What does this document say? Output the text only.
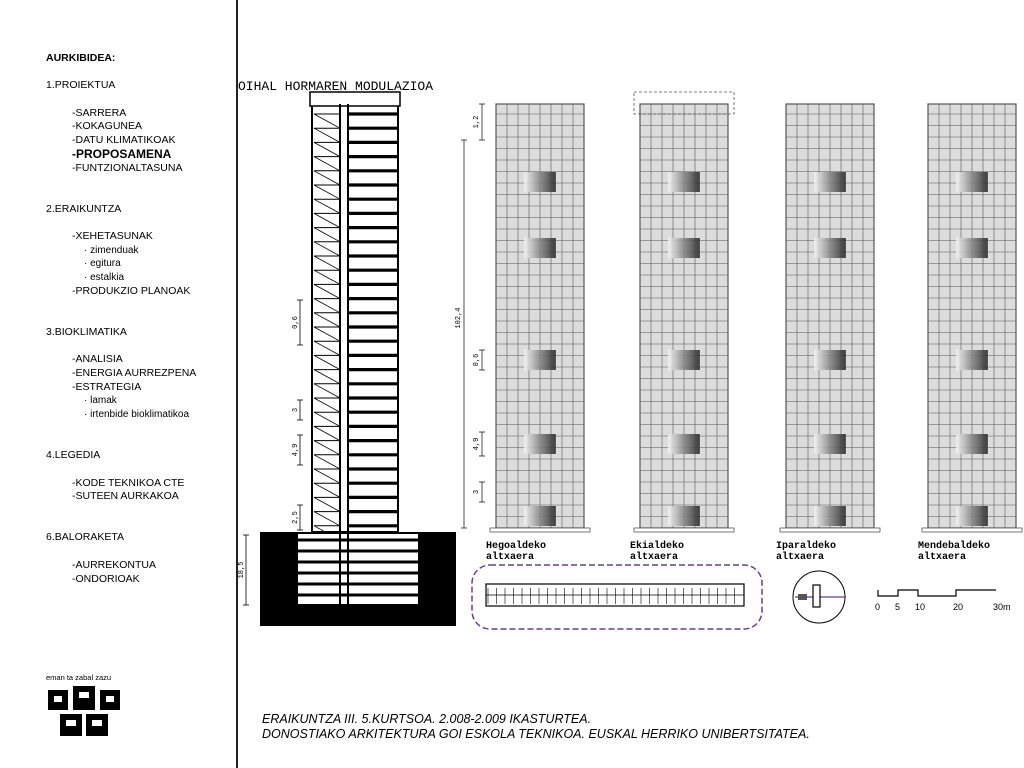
AURKIBIDEA:
1.PROIEKTUA
-SARRERA
-KOKAGUNEA
-DATU KLIMATIKOAK
-PROPOSAMENA
-FUNTZIONALTASUNA
2.ERAIKUNTZA
-XEHETASUNAK
· zimenduak
· egitura
· estalkia
-PRODUKZIO PLANOAK
3.BIOKLIMATIKA
-ANALISIA
-ENERGIA AURREZPENA
-ESTRATEGIA
· lamak
· irtenbide bioklimatikoa
4.LEGEDIA
-KODE TEKNIKOA CTE
-SUTEEN AURKAKOA
6.BALORAKETA
-AURREKONTUA
-ONDORIOAK
eman ta zabal zazu
0,6
3
4,9
2,5
18,5
Hegoaldeko
altxaera
Ekialdeko
altxaera
Iparaldeko
altxaera
Mendebaldeko
altxaera
1,2
102,4
0,6
4,9
3
0 5 10	20	30m
OIHAL HORMAREN MODULAZIOA
ERAIKUNTZA III. 5.KURTSOA. 2.008-2.009 IKASTURTEA.
DONOSTIAKO ARKITEKTURA GOI ESKOLA TEKNIKOA. EUSKAL HERRIKO UNIBERTSITATEA.
